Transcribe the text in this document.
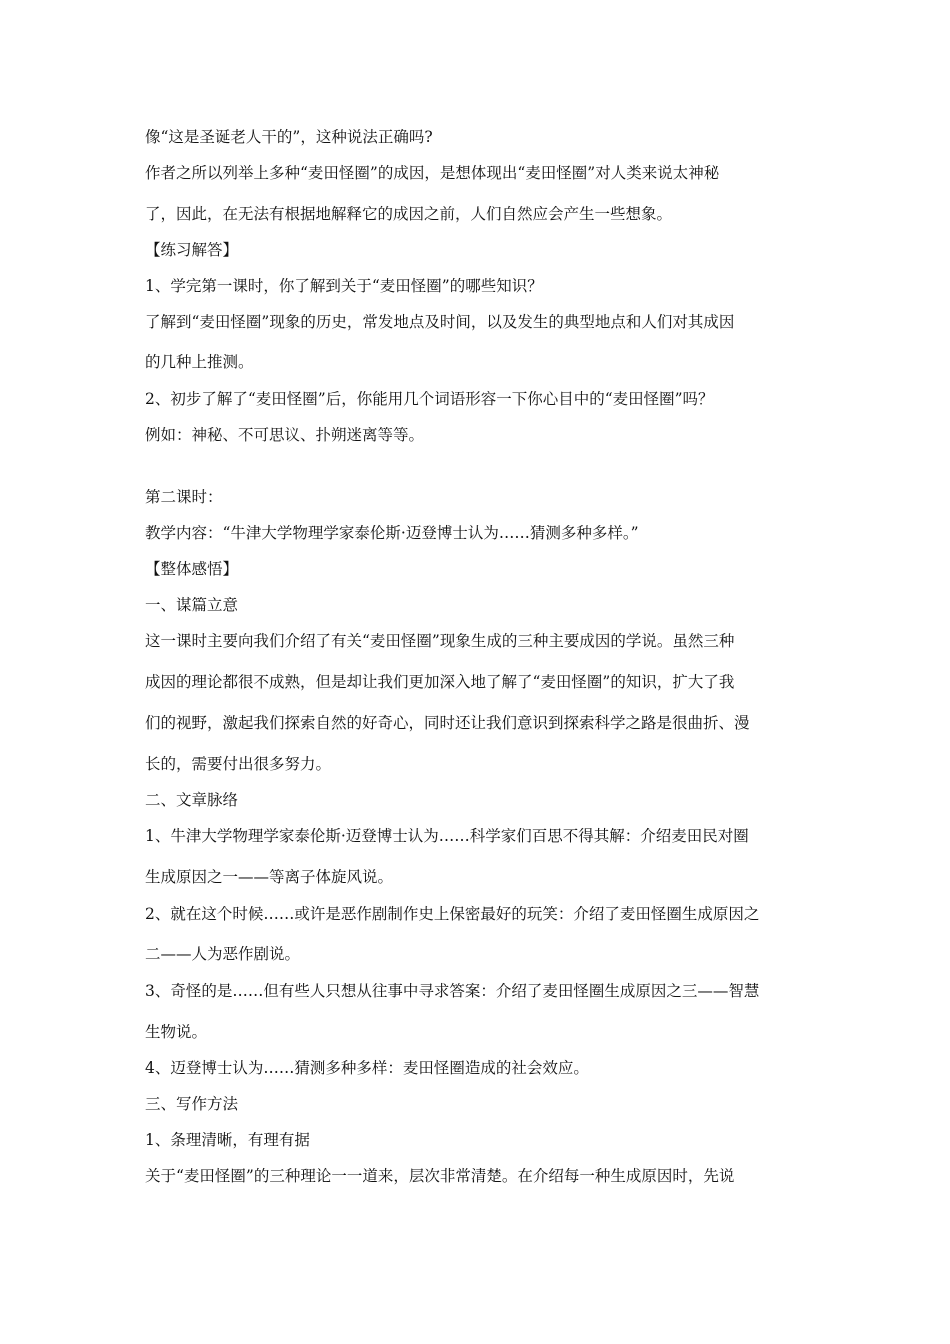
像“这是圣诞老人干的”，这种说法正确吗?
作者之所以列举上多种“麦田怪圈”的成因，是想体现出“麦田怪圈”对人类来说太神秘
了，因此，在无法有根据地解释它的成因之前，人们自然应会产生一些想象。
【练习解答】
1、学完第一课时，你了解到关于“麦田怪圈”的哪些知识？
了解到“麦田怪圈”现象的历史，常发地点及时间，以及发生的典型地点和人们对其成因
的几种上推测。
2、初步了解了“麦田怪圈”后，你能用几个词语形容一下你心目中的“麦田怪圈”吗？
例如：神秘、不可思议、扑朔迷离等等。
第二课时：
教学内容：“牛津大学物理学家泰伦斯·迈登博士认为……猜测多种多样。”
【整体感悟】
一、谋篇立意
这一课时主要向我们介绍了有关“麦田怪圈”现象生成的三种主要成因的学说。虽然三种
成因的理论都很不成熟，但是却让我们更加深入地了解了“麦田怪圈”的知识，扩大了我
们的视野，激起我们探索自然的好奇心，同时还让我们意识到探索科学之路是很曲折、漫
长的，需要付出很多努力。
二、文章脉络
1、牛津大学物理学家泰伦斯·迈登博士认为……科学家们百思不得其解：介绍麦田民对圈
生成原因之一——等离子体旋风说。
2、就在这个时候……或许是恶作剧制作史上保密最好的玩笑：介绍了麦田怪圈生成原因之
二——人为恶作剧说。
3、奇怪的是……但有些人只想从往事中寻求答案：介绍了麦田怪圈生成原因之三——智慧
生物说。
4、迈登博士认为……猜测多种多样：麦田怪圈造成的社会效应。
三、写作方法
1、条理清晰，有理有据
关于“麦田怪圈”的三种理论一一道来，层次非常清楚。在介绍每一种生成原因时，先说
